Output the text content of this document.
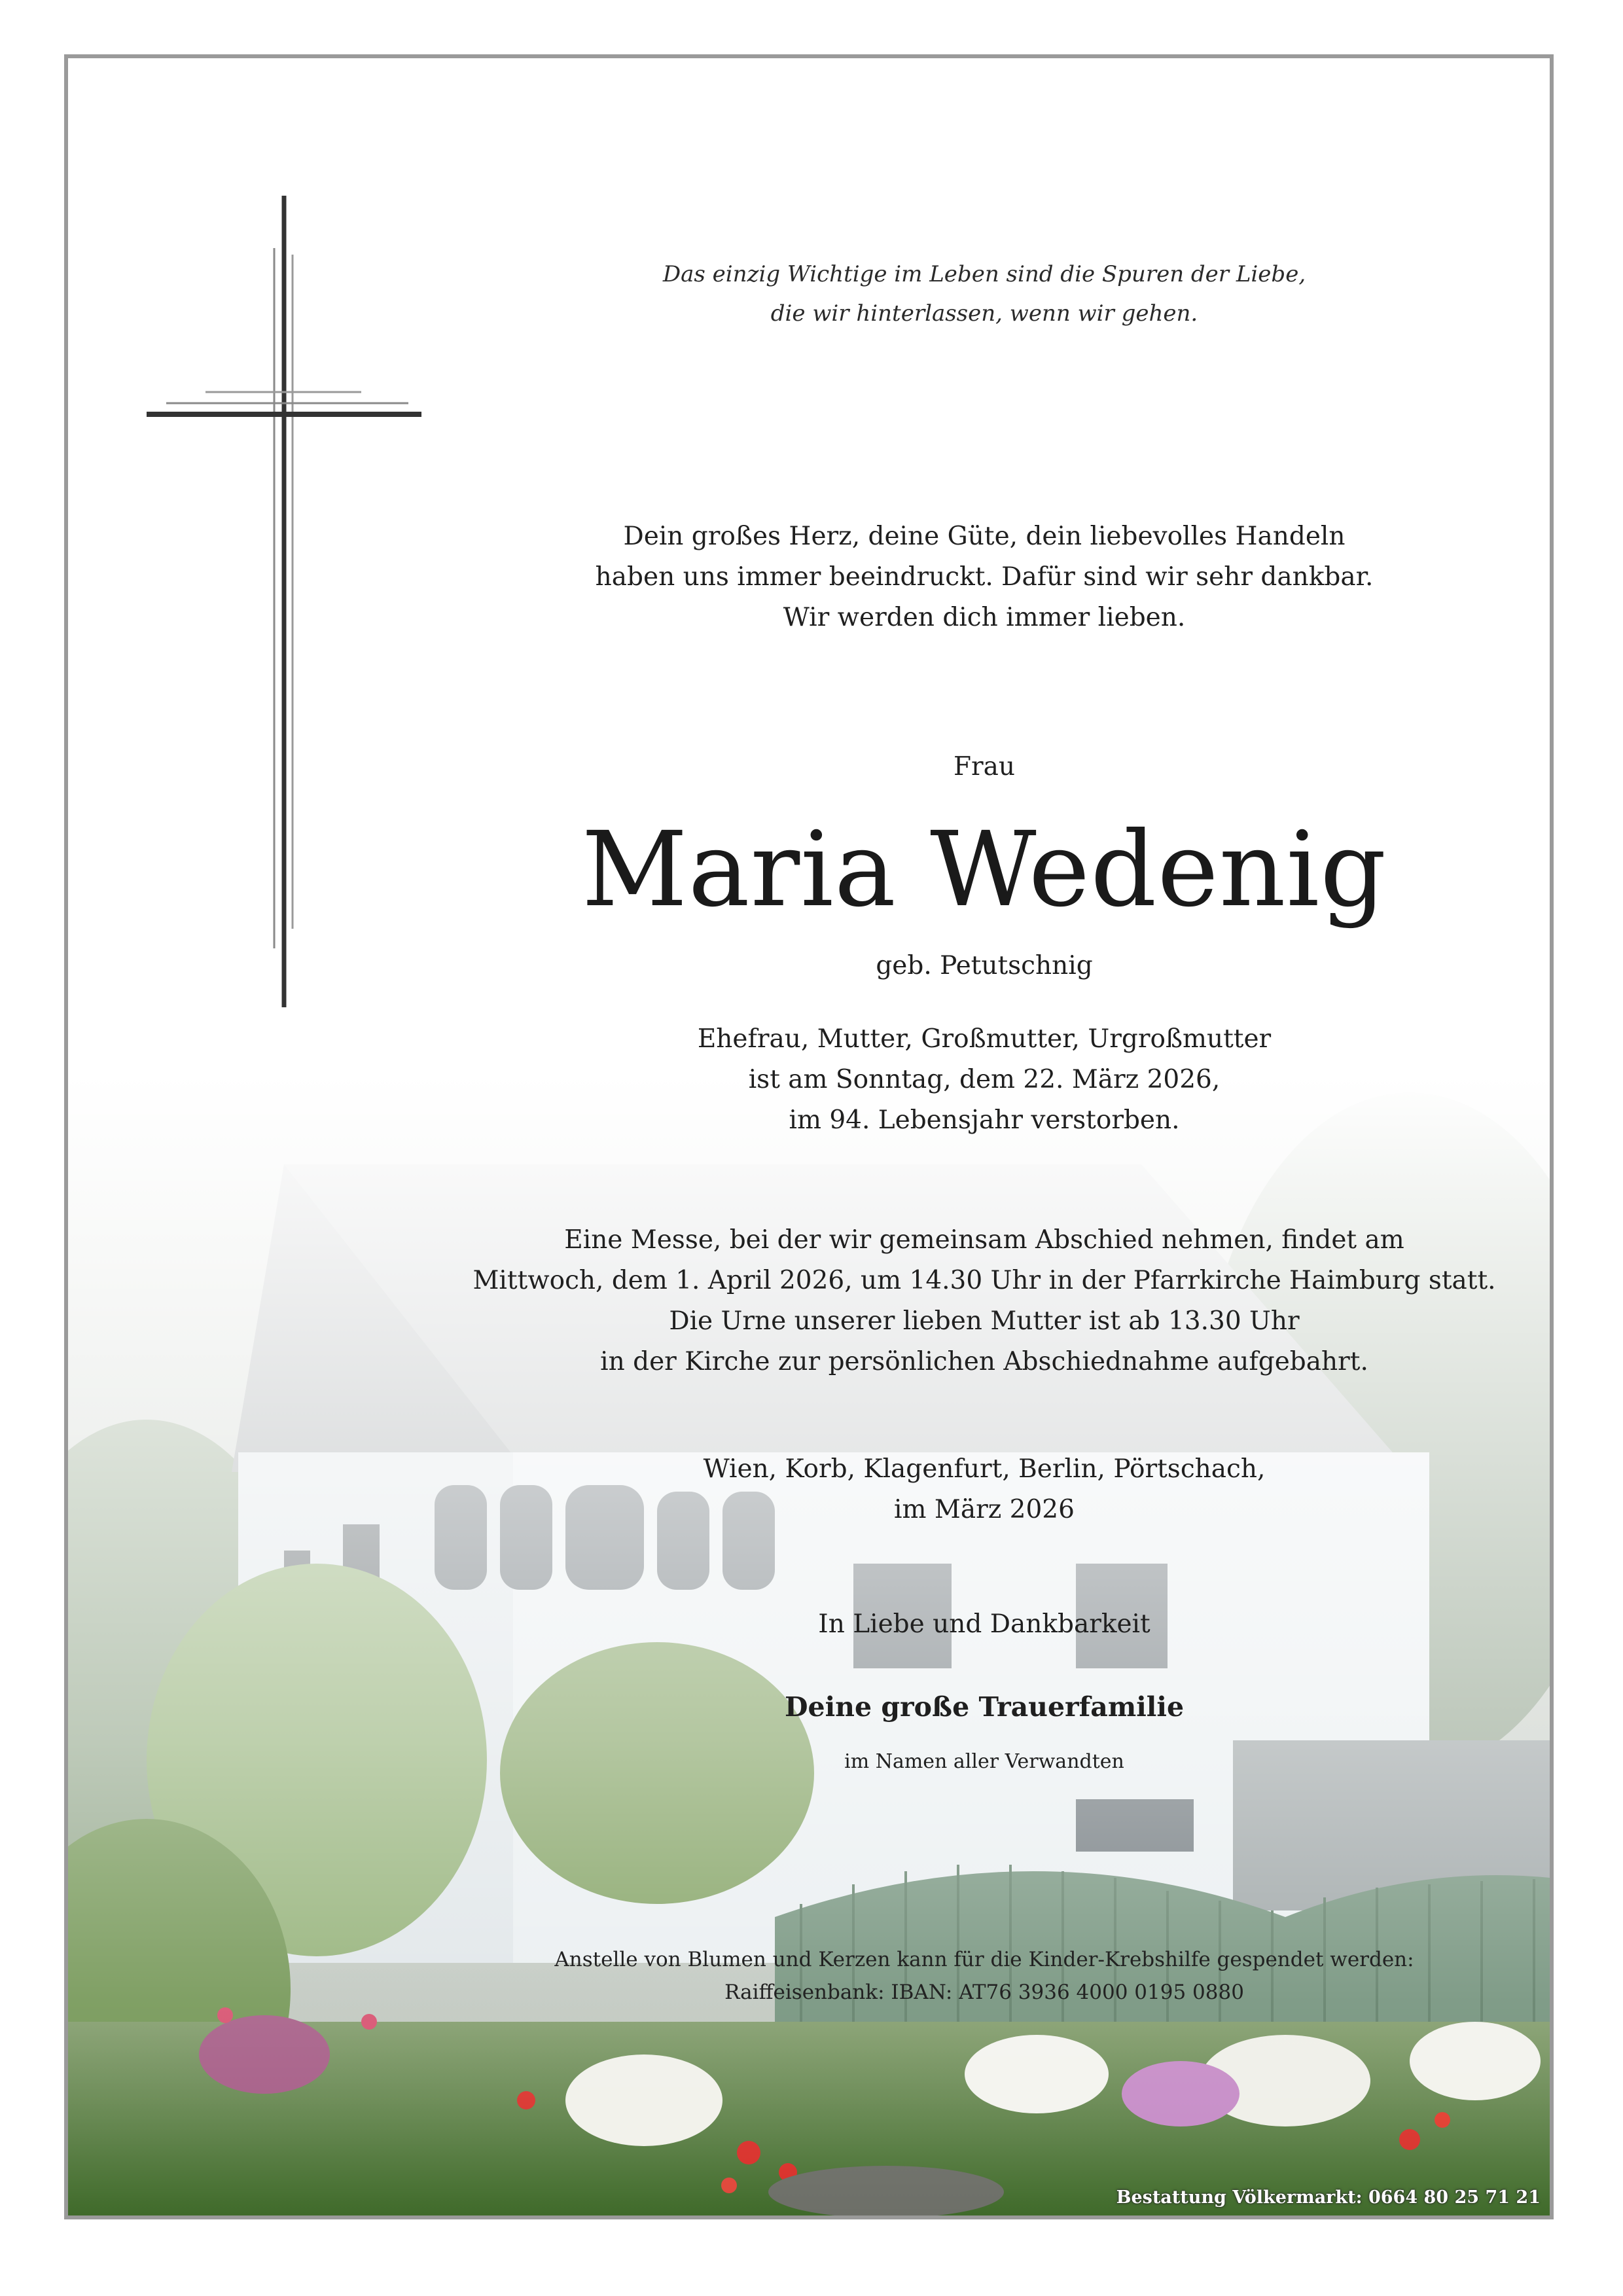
Das einzig Wichtige im Leben sind die Spuren der Liebe,
die wir hinterlassen, wenn wir gehen.

Dein großes Herz, deine Güte, dein liebevolles Handeln
haben uns immer beeindruckt. Dafür sind wir sehr dankbar.
Wir werden dich immer lieben.

Frau

Maria Wedenig

geb. Petutschnig

Ehefrau, Mutter, Großmutter, Urgroßmutter
ist am Sonntag, dem 22. März 2026,
im 94. Lebensjahr verstorben.

Eine Messe, bei der wir gemeinsam Abschied nehmen, findet am
Mittwoch, dem 1. April 2026, um 14.30 Uhr in der Pfarrkirche Haimburg statt.
Die Urne unserer lieben Mutter ist ab 13.30 Uhr
in der Kirche zur persönlichen Abschiednahme aufgebahrt.

Wien, Korb, Klagenfurt, Berlin, Pörtschach,
im März 2026

In Liebe und Dankbarkeit

Deine große Trauerfamilie

im Namen aller Verwandten

Anstelle von Blumen und Kerzen kann für die Kinder-Krebshilfe gespendet werden:
Raiffeisenbank: IBAN: AT76 3936 4000 0195 0880

Bestattung Völkermarkt: 0664 80 25 71 21
